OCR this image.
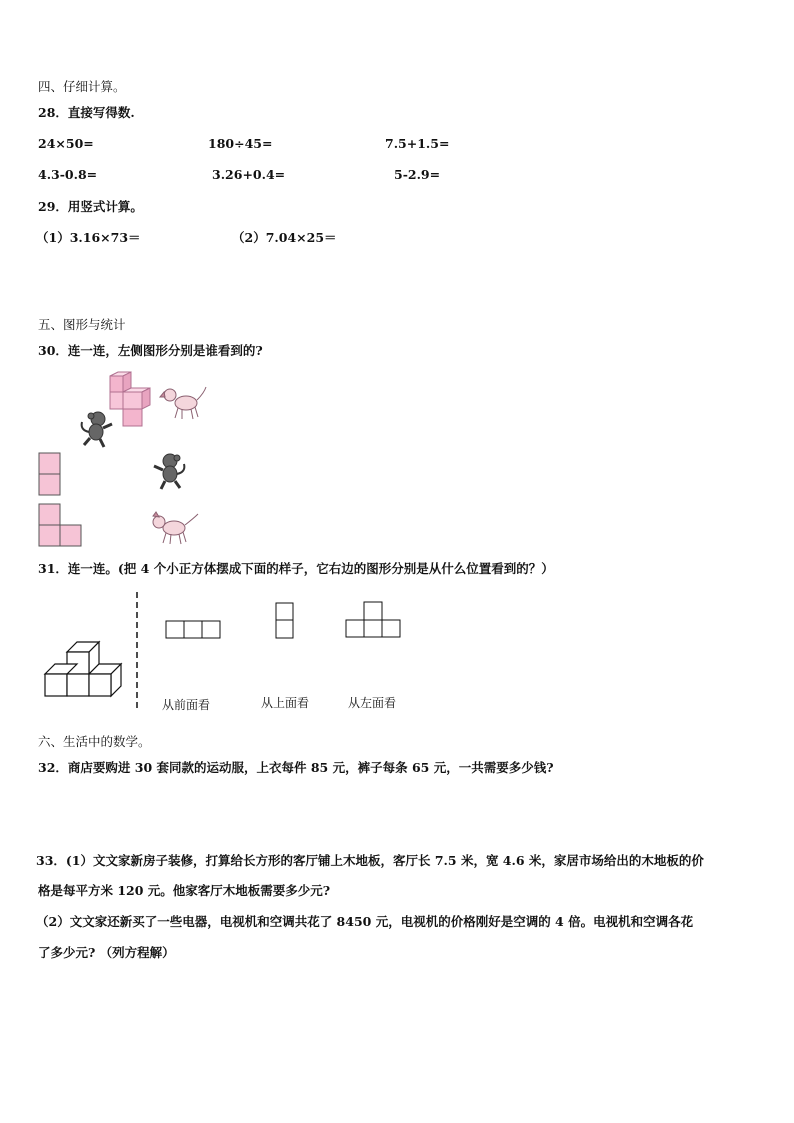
四、仔细计算。
28．直接写得数.
24×50=	180÷45=	7.5+1.5=
4.3-0.8=	3.26+0.4=	5-2.9=
29．用竖式计算。
（1）3.16×73＝	（2）7.04×25＝
五、图形与统计
30．连一连，左侧图形分别是谁看到的?
31．连一连。(把 4 个小正方体摆成下面的样子，它右边的图形分别是从什么位置看到的？）
从前面看	从上面看	从左面看
六、生活中的数学。
32．商店要购进 30 套同款的运动服，上衣每件 85 元，裤子每条 65 元，一共需要多少钱?
33．(1）文文家新房子装修，打算给长方形的客厅铺上木地板，客厅长 7.5 米，宽 4.6 米，家居市场给出的木地板的价
格是每平方米 120 元。他家客厅木地板需要多少元?
（2）文文家还新买了一些电器，电视机和空调共花了 8450 元，电视机的价格刚好是空调的 4 倍。电视机和空调各花
了多少元? （列方程解）
